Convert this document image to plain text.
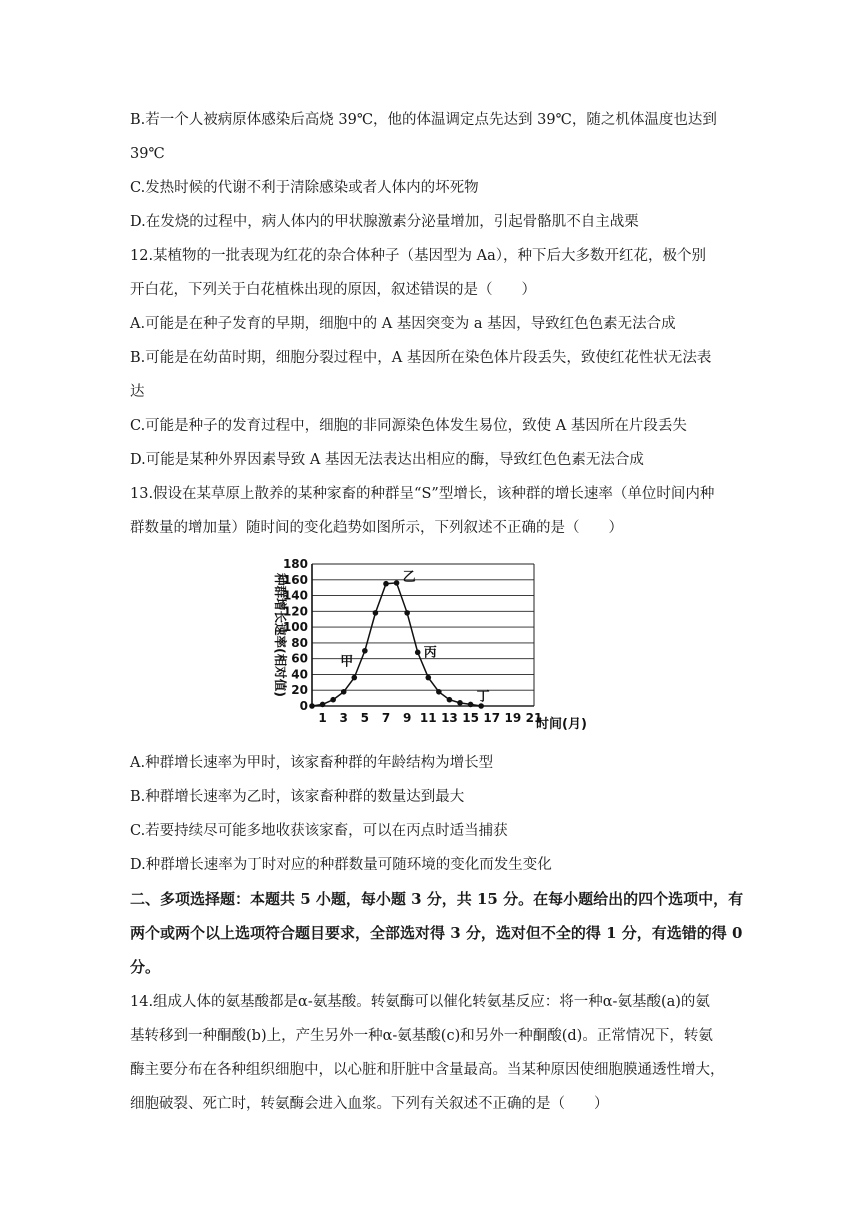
B.若一个人被病原体感染后高烧 39℃，他的体温调定点先达到 39℃，随之机体温度也达到
39℃
C.发热时候的代谢不利于清除感染或者人体内的坏死物
D.在发烧的过程中，病人体内的甲状腺激素分泌量增加，引起骨骼肌不自主战栗
12.某植物的一批表现为红花的杂合体种子（基因型为 Aa），种下后大多数开红花，极个别
开白花，下列关于白花植株出现的原因，叙述错误的是（　　）
A.可能是在种子发育的早期，细胞中的 A 基因突变为 a 基因，导致红色色素无法合成
B.可能是在幼苗时期，细胞分裂过程中，A 基因所在染色体片段丢失，致使红花性状无法表
达
C.可能是种子的发育过程中，细胞的非同源染色体发生易位，致使 A 基因所在片段丢失
D.可能是某种外界因素导致 A 基因无法表达出相应的酶，导致红色色素无法合成
13.假设在某草原上散养的某种家畜的种群呈“S”型增长，该种群的增长速率（单位时间内种
群数量的增加量）随时间的变化趋势如图所示，下列叙述不正确的是（　　）
A.种群增长速率为甲时，该家畜种群的年龄结构为增长型
B.种群增长速率为乙时，该家畜种群的数量达到最大
C.若要持续尽可能多地收获该家畜，可以在丙点时适当捕获
D.种群增长速率为丁时对应的种群数量可随环境的变化而发生变化
二、多项选择题：本题共 5 小题，每小题 3 分，共 15 分。在每小题给出的四个选项中，有
两个或两个以上选项符合题目要求，全部选对得 3 分，选对但不全的得 1 分，有选错的得 0
分。
14.组成人体的氨基酸都是α-氨基酸。转氨酶可以催化转氨基反应：将一种α-氨基酸(a)的氨
基转移到一种酮酸(b)上，产生另外一种α-氨基酸(c)和另外一种酮酸(d)。正常情况下，转氨
酶主要分布在各种组织细胞中，以心脏和肝脏中含量最高。当某种原因使细胞膜通透性增大，
细胞破裂、死亡时，转氨酶会进入血浆。下列有关叙述不正确的是（　　）
0
20
40
60
80
100
120
140
160
180
1 3 5 7 9 11 13 15 17 19 21
时间(月)
种群增长速率(相对值)	甲
乙
丙
丁
